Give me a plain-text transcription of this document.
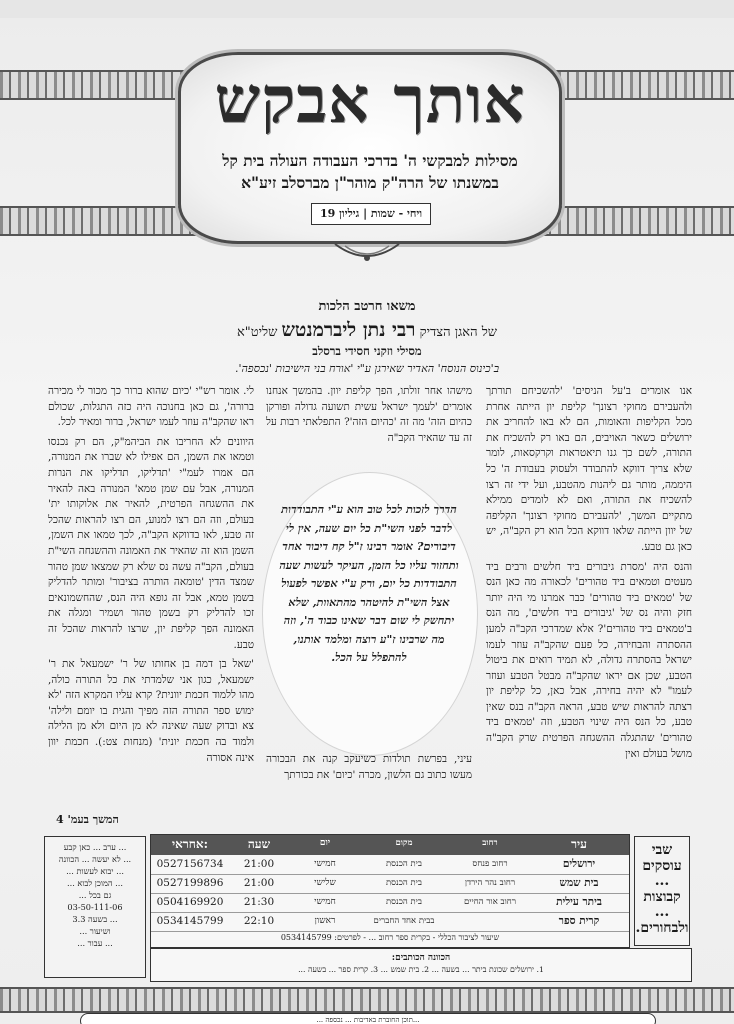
אותך אבקש
מסילות למבקשי ה' בדרכי העבודה העולה בית קל
במשנתו של הרה"ק מוהר"ן מברסלב זיע"א
ויחי - שמות | גיליון 19
משאו חרטב הלכות
של האגן הצדיק רבי נתן ליברמנטש שליט"א
מסילי וזקני חסידי ברסלב
ב'כינוס הנוסח' האדיר שאירגן ע"י 'אורח בני הישיבות 'נכספה'.

אנו אומרים ב'על הניסים' 'להשכיחם תורתך ולהעבירם מחוקי רצונך' קליפת יון הייתה אחרת מכל הקליפות והאומות, הם לא באו להחריב את ירושלים כשאר האויבים, הם באו רק להשכיח את התורה, לשם כך גנו תיאטראות וקרקסאות, לומר שלא צריך דווקא להתבודד ולעסוק בעבודת ה' כל היממה, מותר גם ליהנות מהטבע, ועל ידי זה רצו להשכיח את התורה, ואם לא לומדים ממילא מתקיים המשך, 'להעבירם מחוקי רצונך' הקליפה של יוון הייתה שלאו דווקא הכל הוא רק הקב"ה, יש כאן גם טבע.

והנס היה 'מסרת גיבורים ביד חלשים ורבים ביד מעטים וטמאים ביד טהורים' לכאורה מה כאן הנס של 'טמאים ביד טהורים' כבר אמרנו מי היה יותר חזק והיה נס של 'גיבורים ביד חלשים', מה הנס ב'טמאים ביד טהורים'? אלא שמדרכי הקב"ה למען ההסתרה והבחירה, כל פעם שהקב"ה עוזר לעמו ישראל בהסתרה גדולה, לא תמיד רואים את ביטול הטבע, שכן אם יראו שהקב"ה מבטל הטבע ועוזר לעמו" לא יהיה בחירה, אבל כאן, כל קליפת יון רצתה להראות שיש טבע, הראה הקב"ה בנס שאין טבע, כל הנס היה שינוי הטבע, וזה 'טמאים ביד טהורים' שהתגלה ההשגחה הפרטית שרק הקב"ה מושל בעולם ואין

מישהו אחר זולתו, הפך קליפת יוון. בהמשך אנחנו אומרים 'לעמך ישראל עשית תשועה גדולה ופורקן כהיום הזה' מה זה 'כהיום הזה'? התפלאתי רבות על זה עד שהאיר הקב"ה

הדרך לזכות לכל טוב הוא ע"י התבודדות לדבר לפני השי"ת כל יום שעה, אין לי דיבורים? אומר רבינו ז"ל קח דיבור אחד ותחזור עליו כל הזמן, העיקר לעשות שעה התבודדות כל יום, ורק ע"י אפשר לפעול אצל השי"ת להיטהר מהתאוות, שלא יתחשק לי שום דבר שאינו כבוד ה', וזה מה שרבינו ז"ע רוצה ומלמד אותנו, להתפלל על הכל.

עיני, בפרשת תולדות כשיעקב קנה את הבכורה מעשו כתוב גם הלשון, מכרה 'כיום' את בכורתך

לי. אומר רש"י 'כיום שהוא ברור כך מכור לי מכירה ברורה', גם כאן בחנוכה היה כזה התגלות, שכולם ראו שהקב"ה עוזר לעמו ישראל, ברור ומאיר לכל.

היוונים לא החריבו את הביהמ"ק, הם רק נכנסו וטמאו את השמן, הם אפילו לא שברו את המנורה, הם אמרו לעמ"י 'תדליקו, תדליקו את הנרות המנורה, אבל עם שמן טמא' המנורה באה להאיר את ההשגחה הפרטית, להאיר את אלוקותו ית' בעולם, וזה הם רצו למנוע, הם רצו להראות שהכל זה טבע, לאו בדווקא הקב"ה, לכך טמאו את השמן, השמן הוא זה שהאיר את האמונה וההשגחה השי"ת בעולם, הקב"ה עשה נס שלא רק שמצאו שמן טהור שמצד הדין 'טומאה הותרה בציבור' ומותר להדליק בשמן טמא, אבל זה גופא היה הנס, שהחשמונאים זכו להדליק רק בשמן טהור ושמיר ומגלה את האמונה הפך קליפת יון, שרצו להראות שהכל זה טבע.

'שאל בן דמה בן אחותו של ר' ישמעאל את ר' ישמעאל, כגון אני שלמדתי את כל התורה כולה, מהו ללמוד חכמת יוונית? קרא עליו המקרא הזה 'לא ימוש ספר התורה הזה מפיך והגית בו יומם ולילה' צא ובדוק שעה שאינה לא מן היום ולא מן הלילה ולמוד בה חכמת יונית' (מנחות צט:). חכמת יוון אינה אסורה

המשך בעמ' 4
שבי עוסקים ... קבוצות ... ולבחורים.
... ערב ... כאן קבע
... לא יעשה ... הכוונה
... יבוא לעשות ...
... המוכן לבוא ...
גם בכל ...
03-50-111-06
... בשעה 3.3
ושיעור ...
... עבור ...
עיר
רחוב
מקום
יום
שעה
אחראי:
ירושלים
רחוב פנחס
בית הכנסת
חמישי
21:00
0527156734
בית שמש
רחוב נהר הירדן
בית הכנסת
שלישי
21:00
0527199896
ביתר עילית
רחוב אור החיים
בית הכנסת
חמישי
21:30
0504169920
קרית ספר
בבית אחד החברים
ראשון
22:10
0534145799
שיעור לציבור הכללי - בקרית ספר רחוב ... - לפרטים: 0534145799
הכוונה הכותבים:
1. ירושלים שכונת ביתר ... בשעה ... 2. בית שמש ... 3. קרית ספר ... בשעה ...
...תוכן החוברת באדיבות ... נכספה ...
